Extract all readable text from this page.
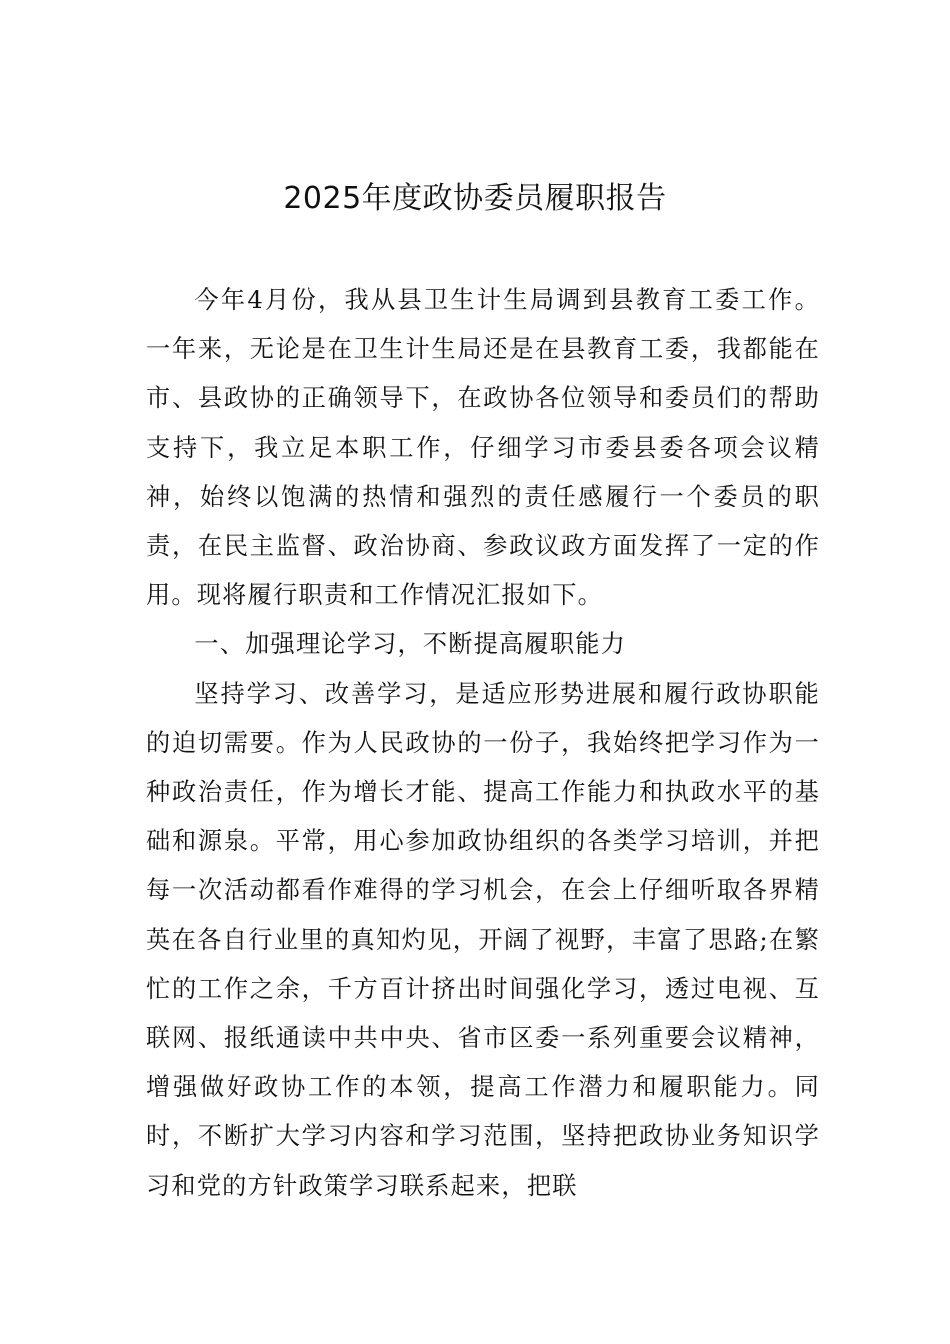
2025年度政协委员履职报告

今年4月份，我从县卫生计生局调到县教育工委工作。一年来，无论是在卫生计生局还是在县教育工委，我都能在市、县政协的正确领导下，在政协各位领导和委员们的帮助支持下，我立足本职工作，仔细学习市委县委各项会议精神，始终以饱满的热情和强烈的责任感履行一个委员的职责，在民主监督、政治协商、参政议政方面发挥了一定的作用。现将履行职责和工作情况汇报如下。

一、加强理论学习，不断提高履职能力

坚持学习、改善学习，是适应形势进展和履行政协职能的迫切需要。作为人民政协的一份子，我始终把学习作为一种政治责任，作为增长才能、提高工作能力和执政水平的基础和源泉。平常，用心参加政协组织的各类学习培训，并把每一次活动都看作难得的学习机会，在会上仔细听取各界精英在各自行业里的真知灼见，开阔了视野，丰富了思路;在繁忙的工作之余，千方百计挤出时间强化学习，透过电视、互联网、报纸通读中共中央、省市区委一系列重要会议精神，增强做好政协工作的本领，提高工作潜力和履职能力。同时，不断扩大学习内容和学习范围，坚持把政协业务知识学习和党的方针政策学习联系起来，把联
